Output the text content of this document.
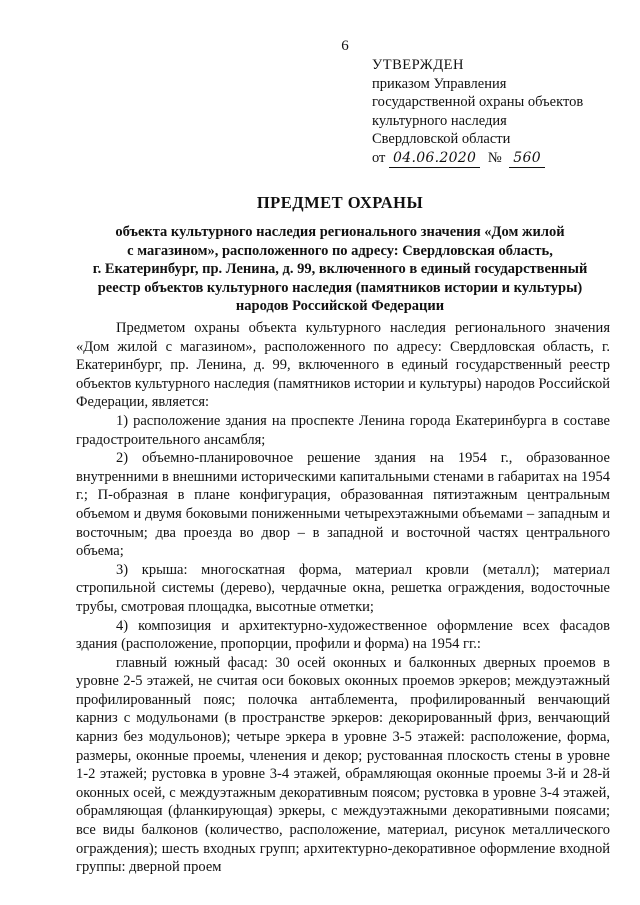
6
УТВЕРЖДЕН
приказом Управления
государственной охраны объектов
культурного наследия
Свердловской области
от 04.06.2020 № 560
ПРЕДМЕТ ОХРАНЫ
объекта культурного наследия регионального значения «Дом жилой
с магазином», расположенного по адресу: Свердловская область,
г. Екатеринбург, пр. Ленина, д. 99, включенного в единый государственный
реестр объектов культурного наследия (памятников истории и культуры)
народов Российской Федерации

Предметом охраны объекта культурного наследия регионального значения «Дом жилой с магазином», расположенного по адресу: Свердловская область, г. Екатеринбург, пр. Ленина, д. 99, включенного в единый государственный реестр объектов культурного наследия (памятников истории и культуры) народов Российской Федерации, является:

1) расположение здания на проспекте Ленина города Екатеринбурга в составе градостроительного ансамбля;

2) объемно-планировочное решение здания на 1954 г., образованное внутренними в внешними историческими капитальными стенами в габаритах на 1954 г.; П-образная в плане конфигурация, образованная пятиэтажным центральным объемом и двумя боковыми пониженными четырехэтажными объемами – западным и восточным; два проезда во двор – в западной и восточной частях центрального объема;

3) крыша: многоскатная форма, материал кровли (металл); материал стропильной системы (дерево), чердачные окна, решетка ограждения, водосточные трубы, смотровая площадка, высотные отметки;

4) композиция и архитектурно-художественное оформление всех фасадов здания (расположение, пропорции, профили и форма) на 1954 гг.:

главный южный фасад: 30 осей оконных и балконных дверных проемов в уровне 2-5 этажей, не считая оси боковых оконных проемов эркеров; междуэтажный профилированный пояс; полочка антаблемента, профилированный венчающий карниз с модульонами (в пространстве эркеров: декорированный фриз, венчающий карниз без модульонов); четыре эркера в уровне 3-5 этажей: расположение, форма, размеры, оконные проемы, членения и декор; рустованная плоскость стены в уровне 1-2 этажей; рустовка в уровне 3-4 этажей, обрамляющая оконные проемы 3-й и 28-й оконных осей, с междуэтажным декоративным поясом; рустовка в уровне 3-4 этажей, обрамляющая (фланкирующая) эркеры, с междуэтажными декоративными поясами; все виды балконов (количество, расположение, материал, рисунок металлического ограждения); шесть входных групп; архитектурно-декоративное оформление входной группы: дверной проем
